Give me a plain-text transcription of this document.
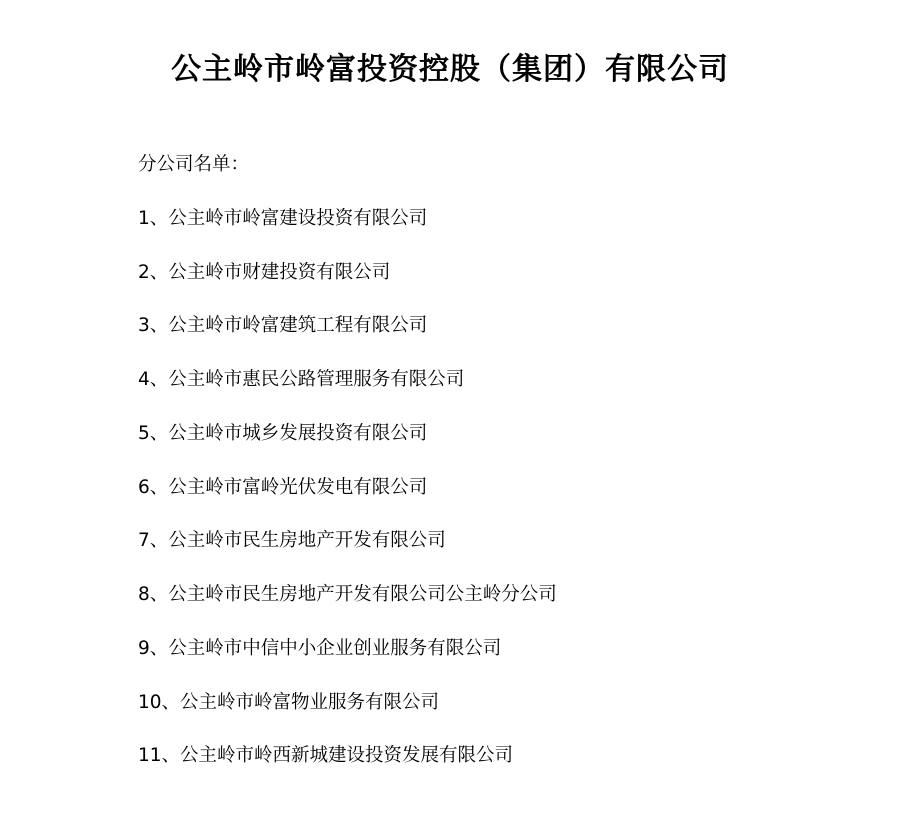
公主岭市岭富投资控股（集团）有限公司
分公司名单：
1、公主岭市岭富建设投资有限公司
2、公主岭市财建投资有限公司
3、公主岭市岭富建筑工程有限公司
4、公主岭市惠民公路管理服务有限公司
5、公主岭市城乡发展投资有限公司
6、公主岭市富岭光伏发电有限公司
7、公主岭市民生房地产开发有限公司
8、公主岭市民生房地产开发有限公司公主岭分公司
9、公主岭市中信中小企业创业服务有限公司
10、公主岭市岭富物业服务有限公司
11、公主岭市岭西新城建设投资发展有限公司
